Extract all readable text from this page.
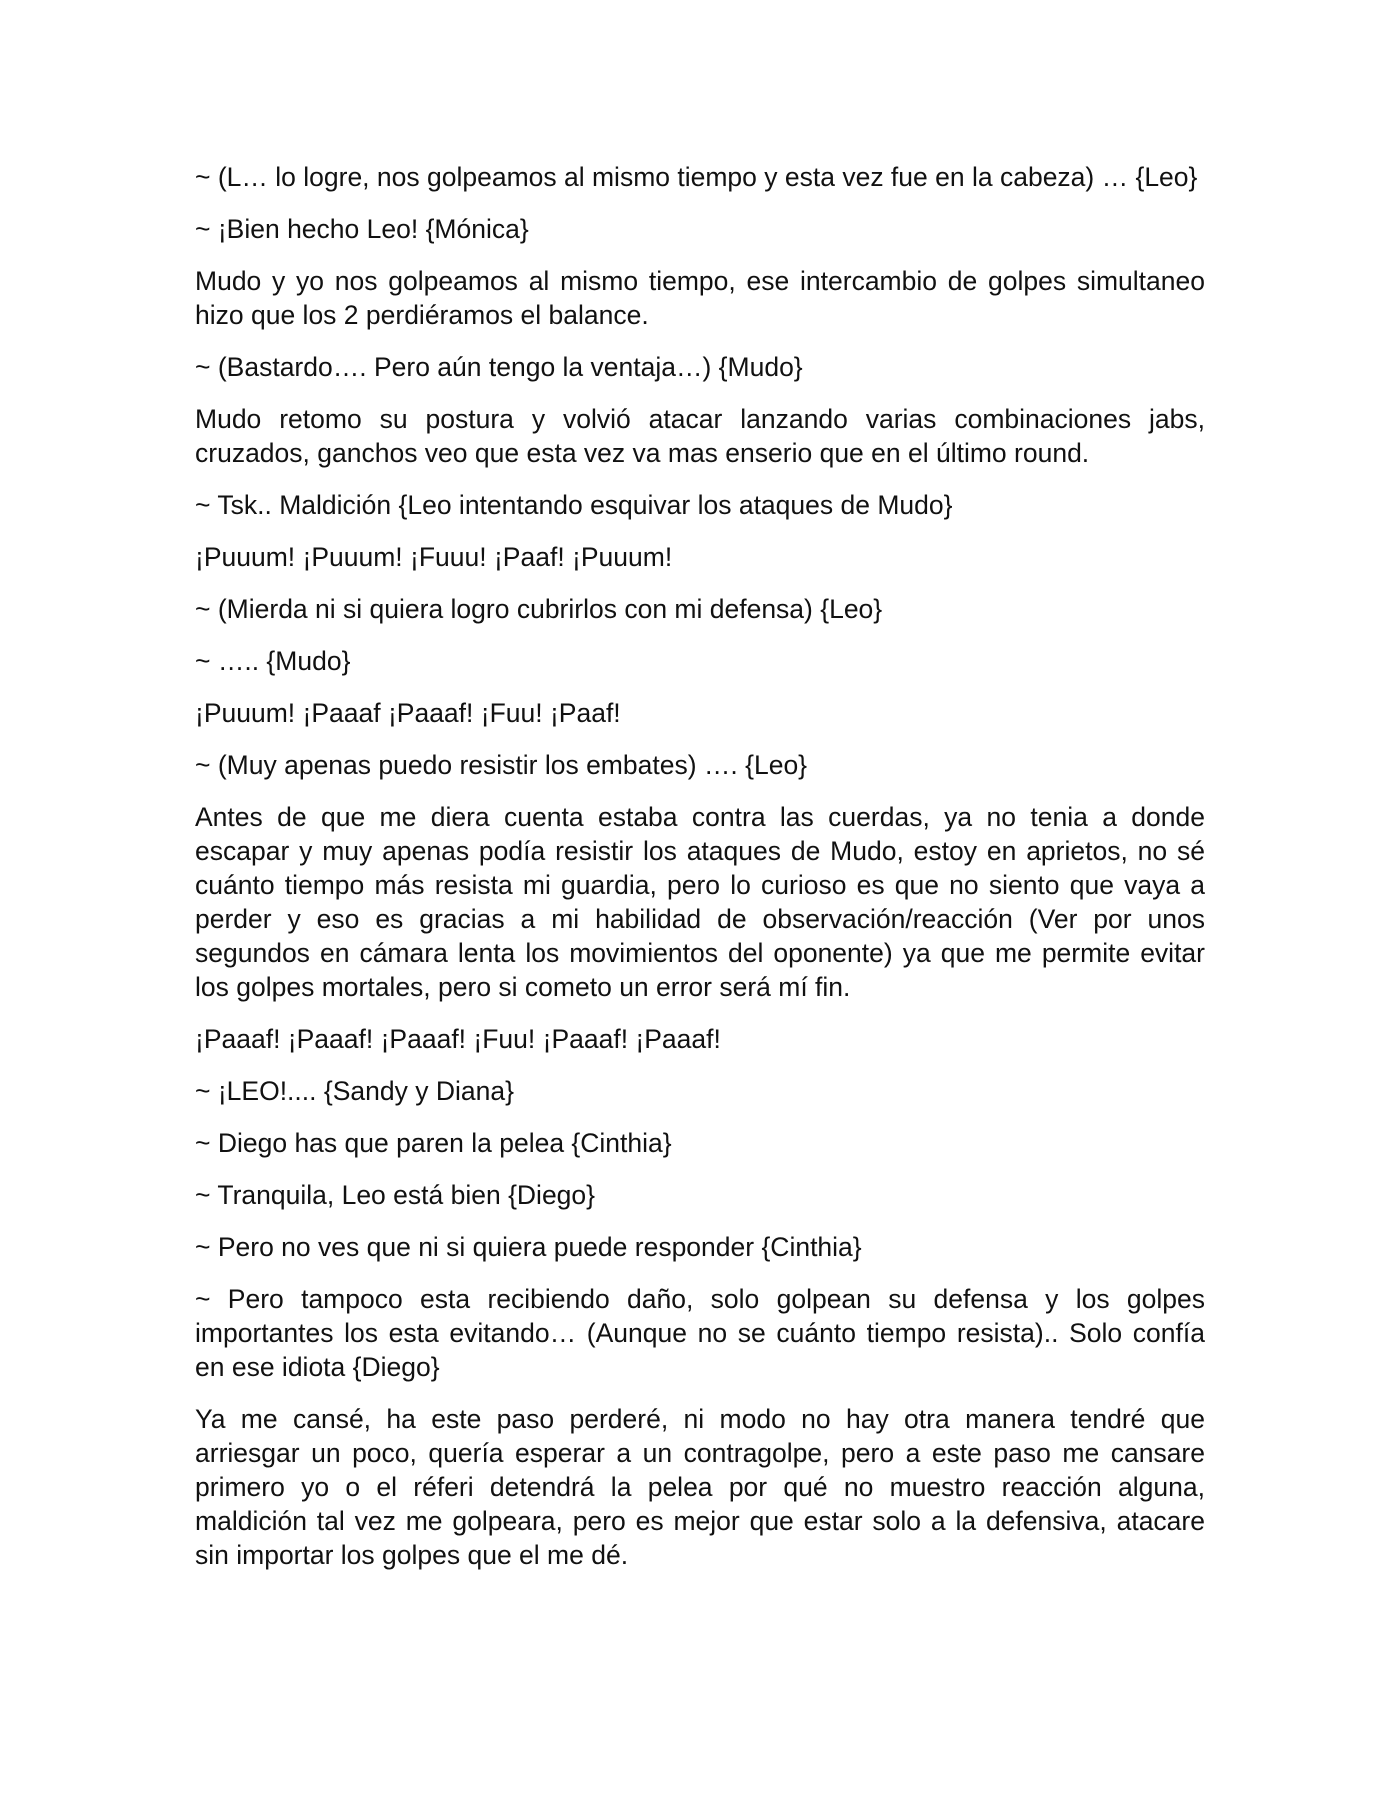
~ (L… lo logre, nos golpeamos al mismo tiempo y esta vez fue en la cabeza) … {Leo}

~ ¡Bien hecho Leo! {Mónica}

Mudo y yo nos golpeamos al mismo tiempo, ese intercambio de golpes simultaneo hizo que los 2 perdiéramos el balance.

~ (Bastardo…. Pero aún tengo la ventaja…) {Mudo}

Mudo retomo su postura y volvió atacar lanzando varias combinaciones jabs, cruzados, ganchos veo que esta vez va mas enserio que en el último round.

~ Tsk.. Maldición {Leo intentando esquivar los ataques de Mudo}

¡Puuum! ¡Puuum! ¡Fuuu! ¡Paaf! ¡Puuum!

~ (Mierda ni si quiera logro cubrirlos con mi defensa) {Leo}

~ ….. {Mudo}

¡Puuum! ¡Paaaf ¡Paaaf! ¡Fuu! ¡Paaf!

~ (Muy apenas puedo resistir los embates) …. {Leo}

Antes de que me diera cuenta estaba contra las cuerdas, ya no tenia a donde escapar y muy apenas podía resistir los ataques de Mudo, estoy en aprietos, no sé cuánto tiempo más resista mi guardia, pero lo curioso es que no siento que vaya a perder y eso es gracias a mi habilidad de observación/reacción (Ver por unos segundos en cámara lenta los movimientos del oponente) ya que me permite evitar los golpes mortales, pero si cometo un error será mí fin.

¡Paaaf! ¡Paaaf! ¡Paaaf! ¡Fuu! ¡Paaaf! ¡Paaaf!

~ ¡LEO!.... {Sandy y Diana}

~ Diego has que paren la pelea {Cinthia}

~ Tranquila, Leo está bien {Diego}

~ Pero no ves que ni si quiera puede responder {Cinthia}

~ Pero tampoco esta recibiendo daño, solo golpean su defensa y los golpes importantes los esta evitando… (Aunque no se cuánto tiempo resista).. Solo confía en ese idiota {Diego}

Ya me cansé, ha este paso perderé, ni modo no hay otra manera tendré que arriesgar un poco, quería esperar a un contragolpe, pero a este paso me cansare primero yo o el réferi detendrá la pelea por qué no muestro reacción alguna, maldición tal vez me golpeara, pero es mejor que estar solo a la defensiva, atacare sin importar los golpes que el me dé.
